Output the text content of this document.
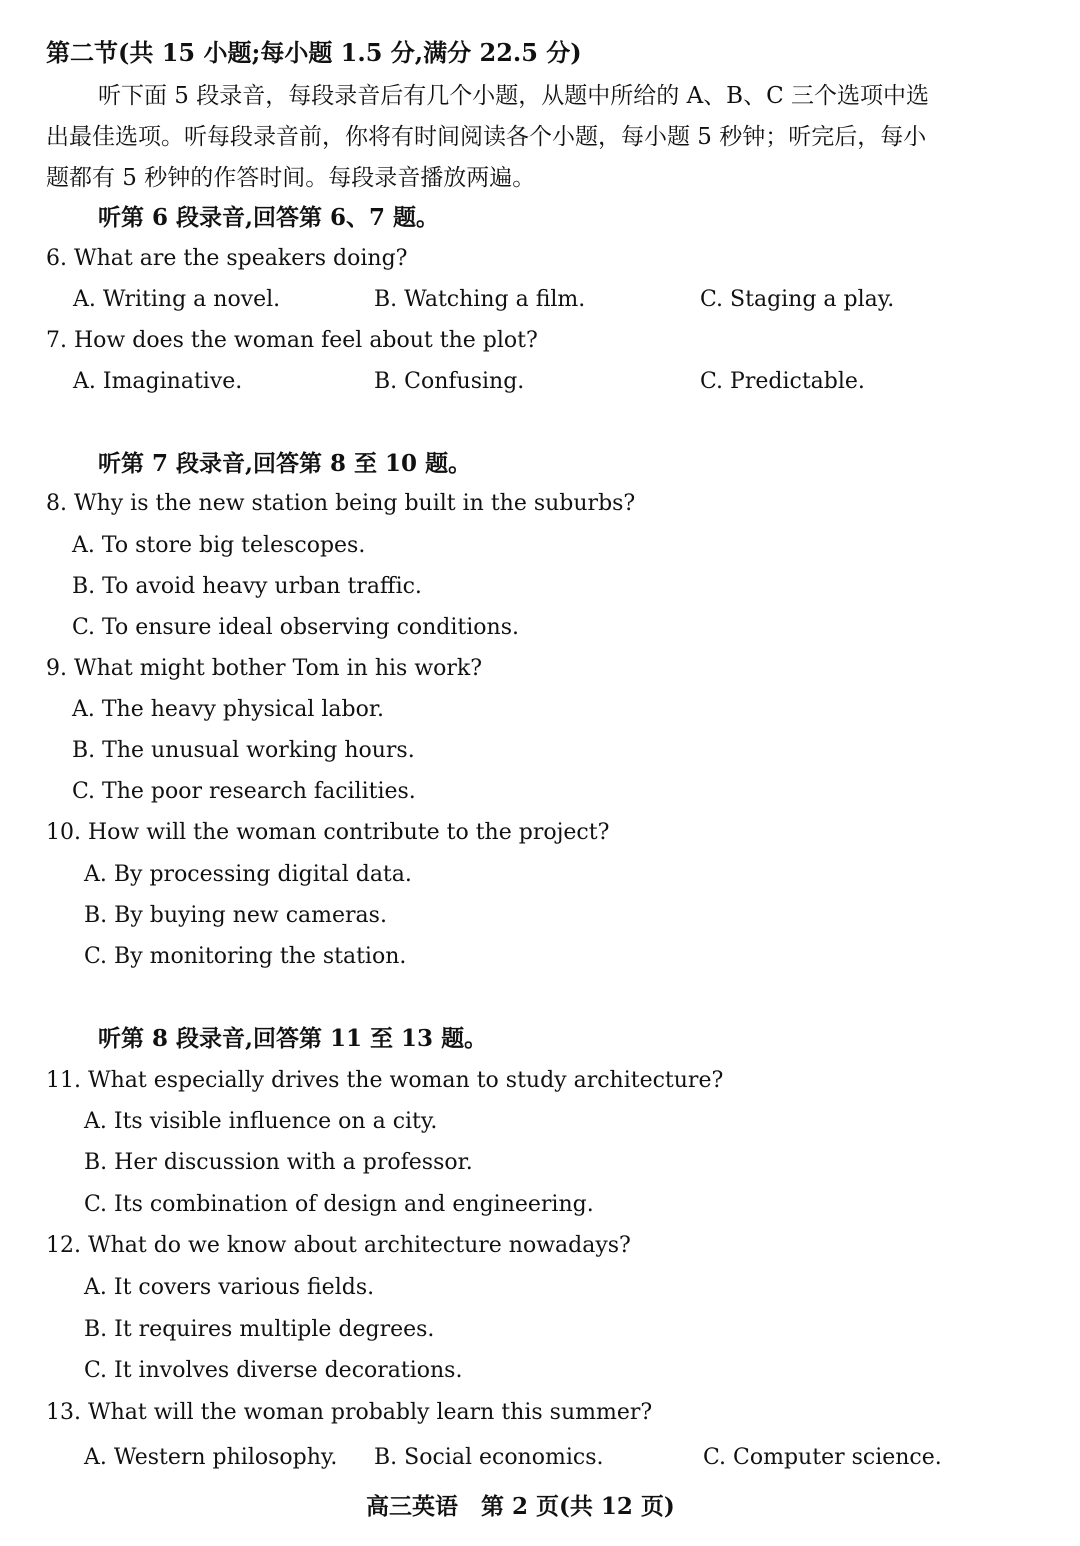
第二节(共 15 小题;每小题 1.5 分,满分 22.5 分)
听下面 5 段录音，每段录音后有几个小题，从题中所给的 A、B、C 三个选项中选
出最佳选项。听每段录音前，你将有时间阅读各个小题，每小题 5 秒钟；听完后，每小
题都有 5 秒钟的作答时间。每段录音播放两遍。
听第 6 段录音,回答第 6、7 题。
6. What are the speakers doing?
A. Writing a novel.	B. Watching a film.	C. Staging a play.
7. How does the woman feel about the plot?
A. Imaginative.	B. Confusing.	C. Predictable.
听第 7 段录音,回答第 8 至 10 题。
8. Why is the new station being built in the suburbs?
A. To store big telescopes.
B. To avoid heavy urban traffic.
C. To ensure ideal observing conditions.
9. What might bother Tom in his work?
A. The heavy physical labor.
B. The unusual working hours.
C. The poor research facilities.
10. How will the woman contribute to the project?
A. By processing digital data.
B. By buying new cameras.
C. By monitoring the station.
听第 8 段录音,回答第 11 至 13 题。
11. What especially drives the woman to study architecture?
A. Its visible influence on a city.
B. Her discussion with a professor.
C. Its combination of design and engineering.
12. What do we know about architecture nowadays?
A. It covers various fields.
B. It requires multiple degrees.
C. It involves diverse decorations.
13. What will the woman probably learn this summer?
A. Western philosophy. B. Social economics.	C. Computer science.
高三英语　第 2 页(共 12 页)
